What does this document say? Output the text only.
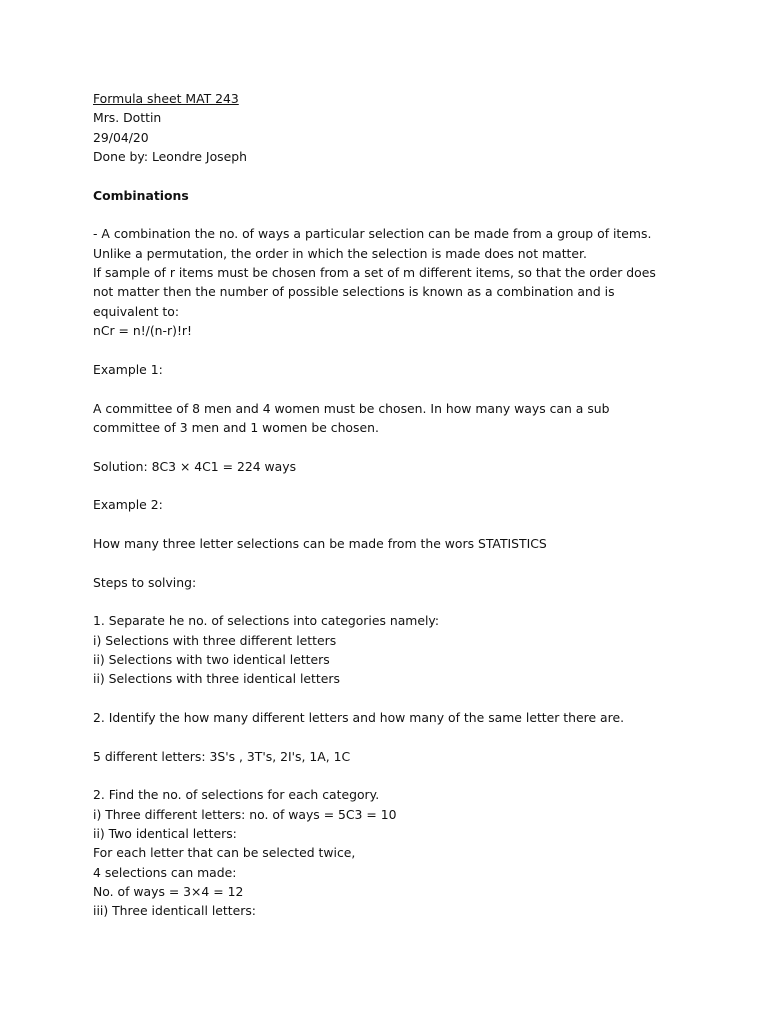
Formula sheet MAT 243
Mrs. Dottin
29/04/20
Done by: Leondre Joseph
Combinations
- A combination the no. of ways a particular selection can be made from a group of items.
Unlike a permutation, the order in which the selection is made does not matter.
If sample of r items must be chosen from a set of m different items, so that the order does
not matter then the number of possible selections is known as a combination and is
equivalent to:
nCr = n!/(n-r)!r!
Example 1:
A committee of 8 men and 4 women must be chosen. In how many ways can a sub
committee of 3 men and 1 women be chosen.
Solution: 8C3 × 4C1 = 224 ways
Example 2:
How many three letter selections can be made from the wors STATISTICS
Steps to solving:
1. Separate he no. of selections into categories namely:
i) Selections with three different letters
ii) Selections with two identical letters
ii) Selections with three identical letters
2. Identify the how many different letters and how many of the same letter there are.
5 different letters: 3S's , 3T's, 2I's, 1A, 1C
2. Find the no. of selections for each category.
i) Three different letters: no. of ways = 5C3 = 10
ii) Two identical letters:
For each letter that can be selected twice,
4 selections can made:
No. of ways = 3×4 = 12
iii) Three identicall letters:
